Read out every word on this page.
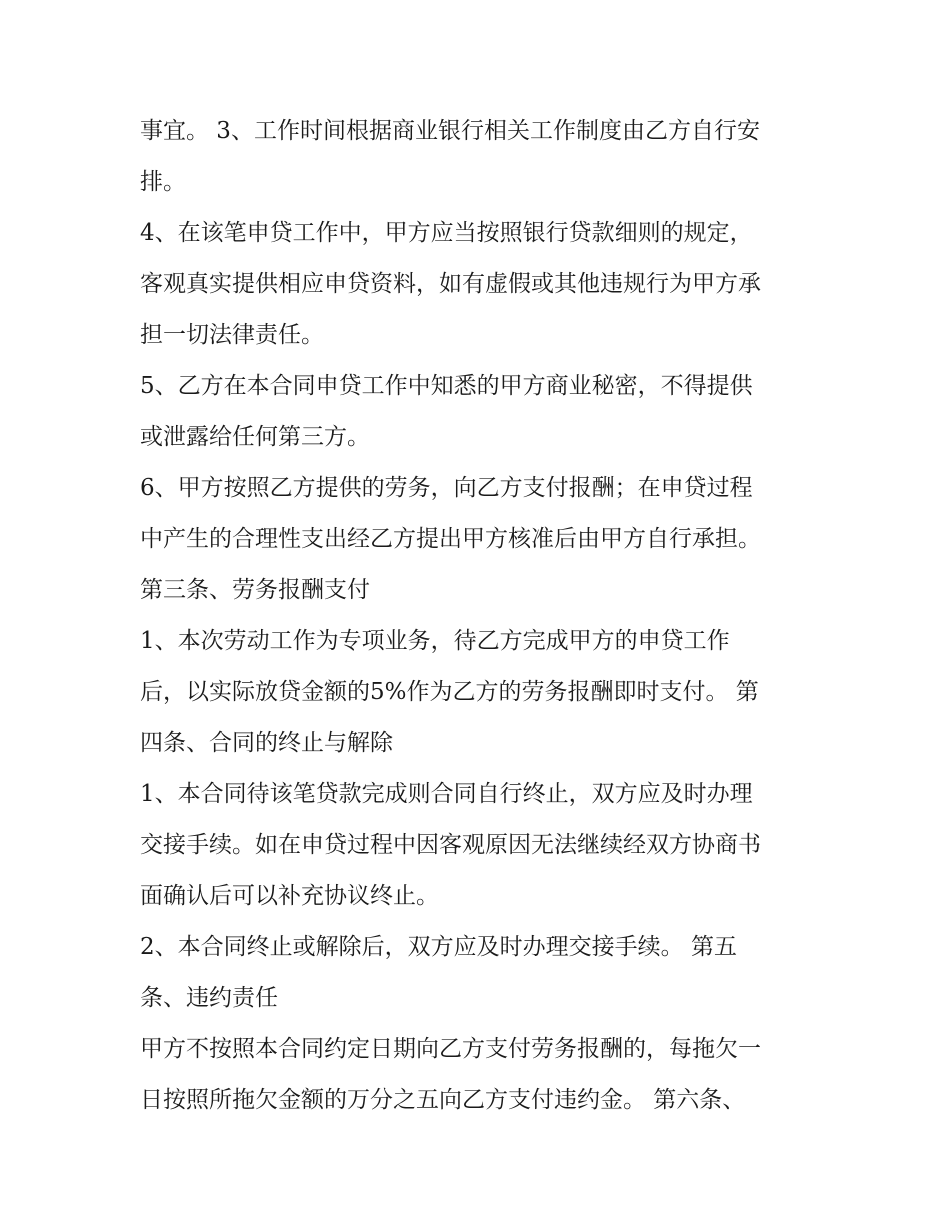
事宜。 3、工作时间根据商业银行相关工作制度由乙方自行安
排。
4、在该笔申贷工作中，甲方应当按照银行贷款细则的规定，
客观真实提供相应申贷资料，如有虚假或其他违规行为甲方承
担一切法律责任。
5、乙方在本合同申贷工作中知悉的甲方商业秘密，不得提供
或泄露给任何第三方。
6、甲方按照乙方提供的劳务，向乙方支付报酬；在申贷过程
中产生的合理性支出经乙方提出甲方核准后由甲方自行承担。
第三条、劳务报酬支付
1、本次劳动工作为专项业务，待乙方完成甲方的申贷工作
后，以实际放贷金额的5%作为乙方的劳务报酬即时支付。 第
四条、合同的终止与解除
1、本合同待该笔贷款完成则合同自行终止，双方应及时办理
交接手续。如在申贷过程中因客观原因无法继续经双方协商书
面确认后可以补充协议终止。
2、本合同终止或解除后，双方应及时办理交接手续。 第五
条、违约责任
甲方不按照本合同约定日期向乙方支付劳务报酬的，每拖欠一
日按照所拖欠金额的万分之五向乙方支付违约金。 第六条、
